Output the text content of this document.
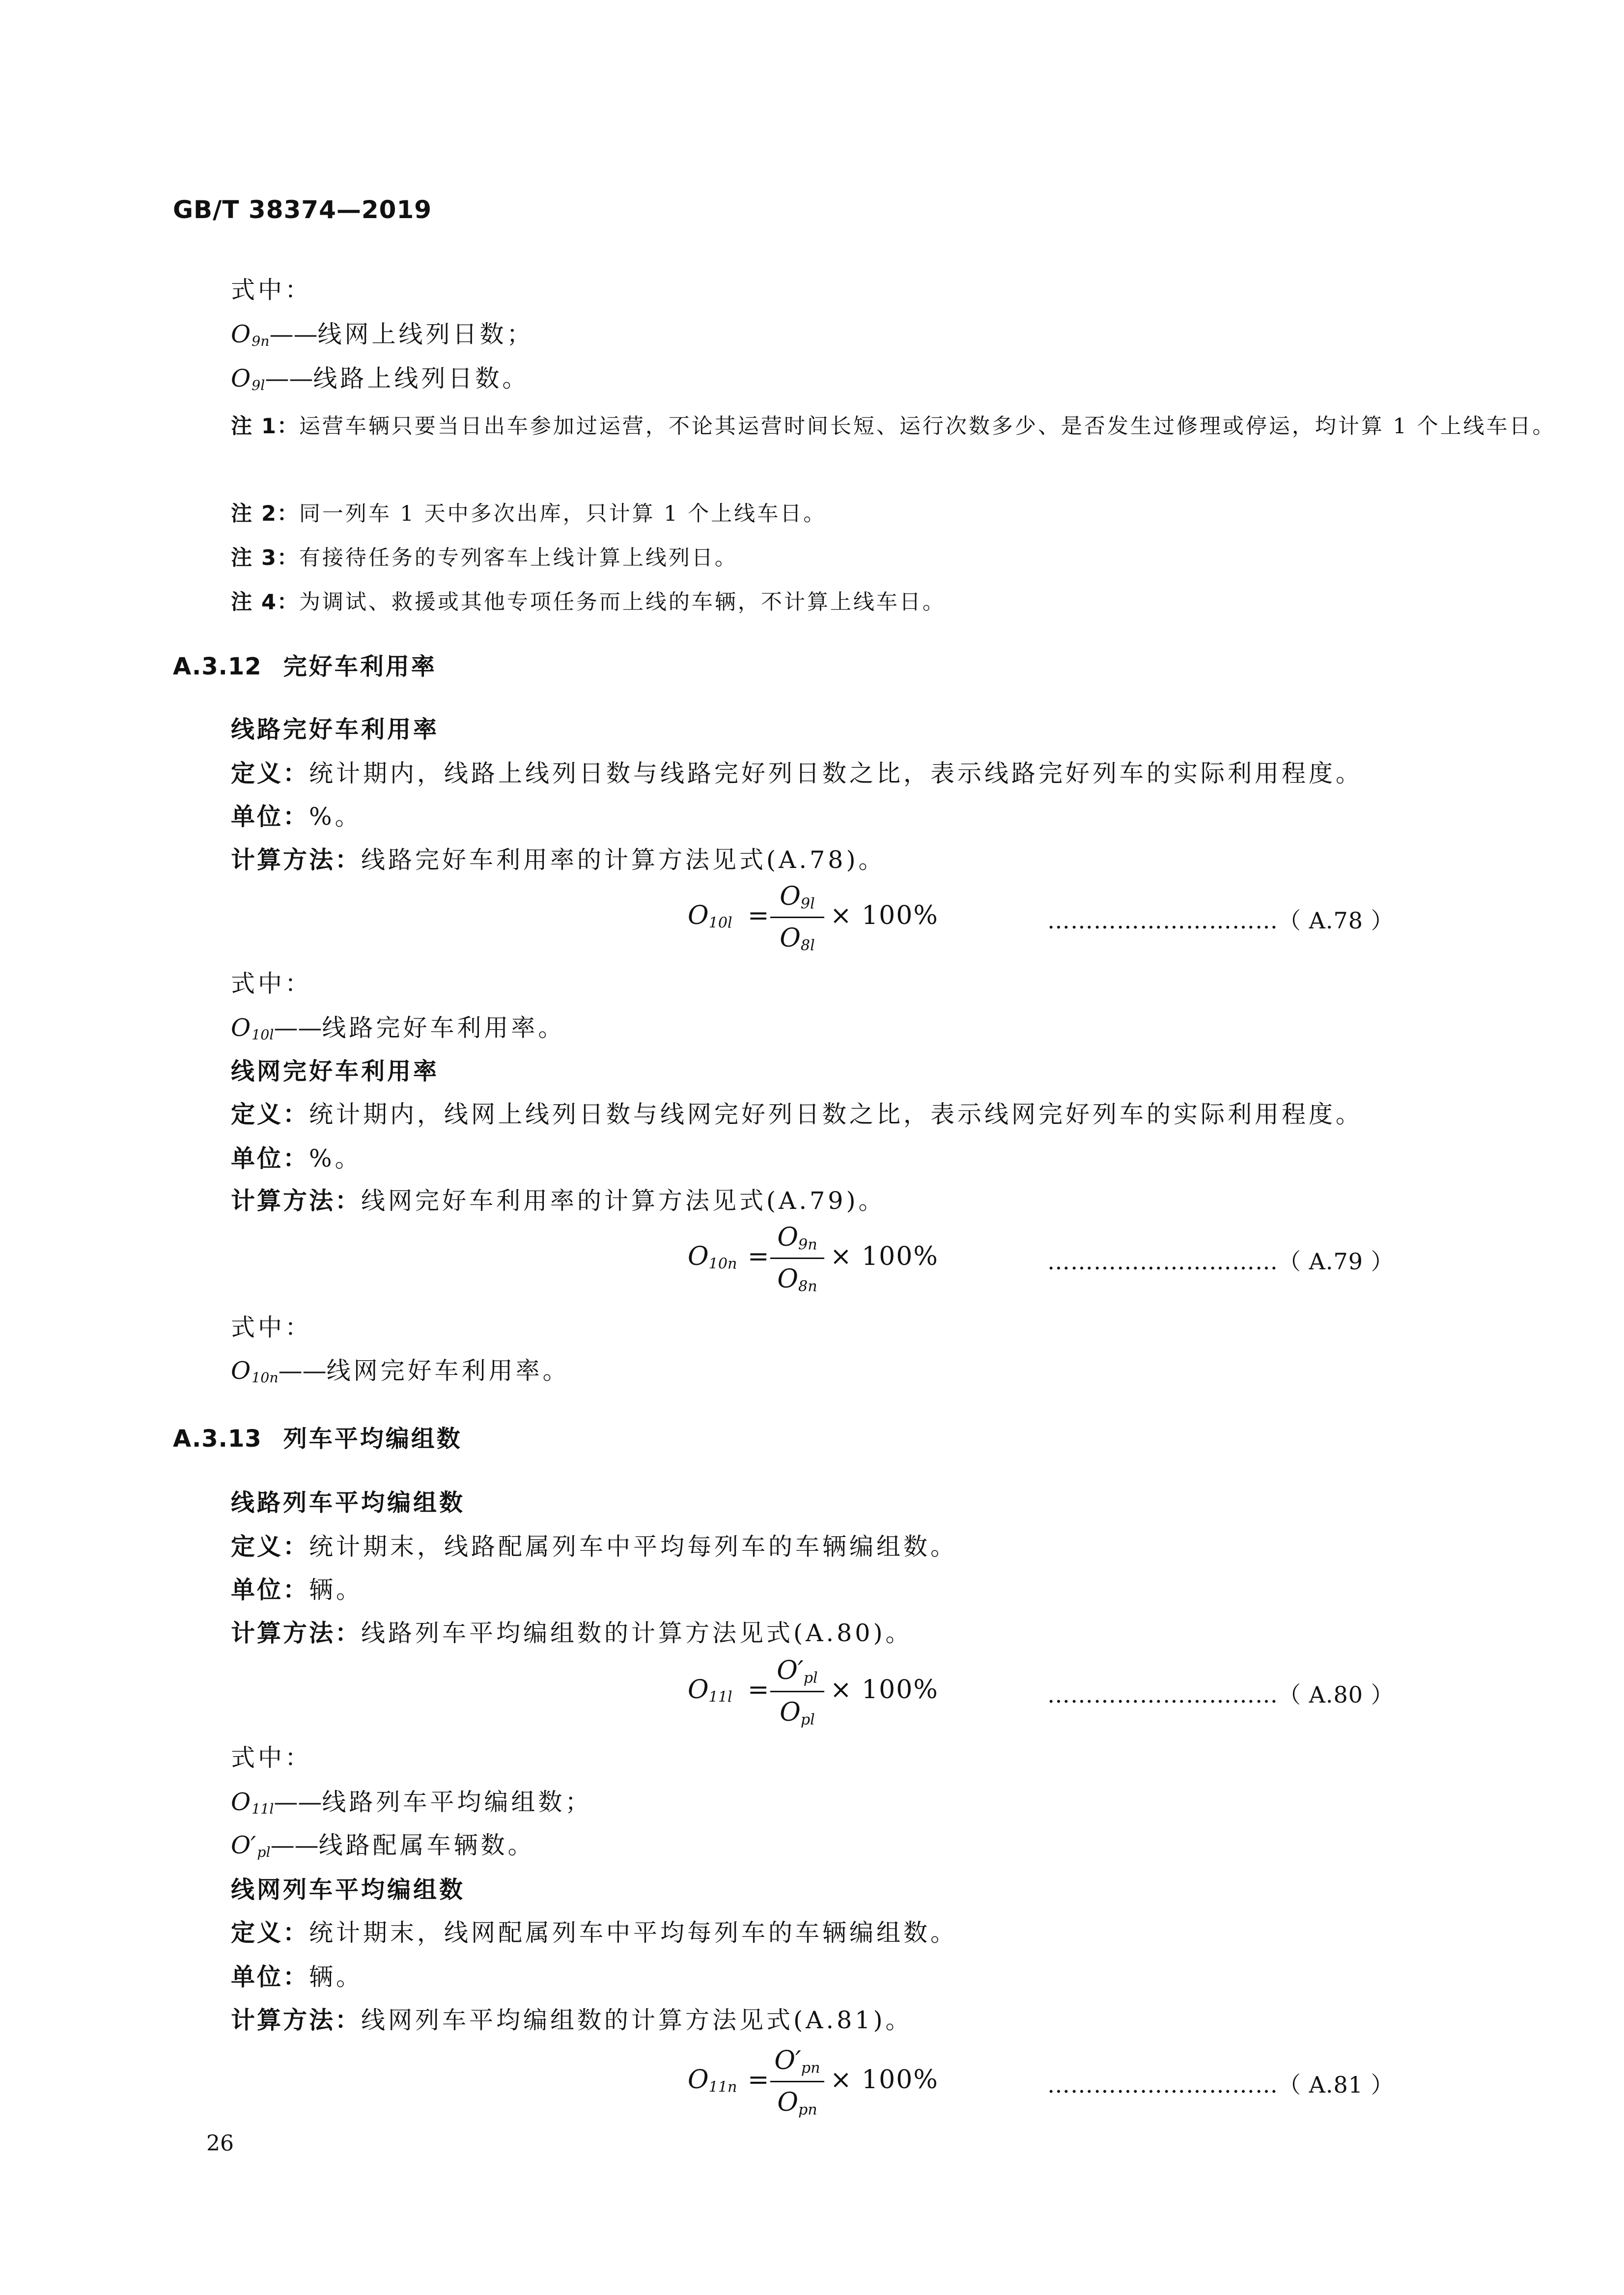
GB/T 38374—2019
式中：
$O_{9n}——$线网上线列日数；
$O_{9l}——$线路上线列日数。
注 1：运营车辆只要当日出车参加过运营，不论其运营时间长短、运行次数多少、是否发生过修理或停运，均计算 1 个上线车日。
注 2：同一列车 1 天中多次出库，只计算 1 个上线车日。
注 3：有接待任务的专列客车上线计算上线列日。
注 4：为调试、救援或其他专项任务而上线的车辆，不计算上线车日。
A.3.12 完好车利用率
线路完好车利用率
定义：统计期内，线路上线列日数与线路完好列日数之比，表示线路完好列车的实际利用程度。
单位：%。
计算方法：线路完好车利用率的计算方法见式(A.78)。
$O_{10l}$ =
$O_{9l}$
$O_{8l}$
× 100%	…………………………（ A.78 ）
式中：
$O_{10l}——$线路完好车利用率。
线网完好车利用率
定义：统计期内，线网上线列日数与线网完好列日数之比，表示线网完好列车的实际利用程度。
单位：%。
计算方法：线网完好车利用率的计算方法见式(A.79)。
$O_{10n}$ =
$O_{9n}$
$O_{8n}$
× 100%	…………………………（ A.79 ）
式中：
$O_{10n}——$线网完好车利用率。
A.3.13 列车平均编组数
线路列车平均编组数
定义：统计期末，线路配属列车中平均每列车的车辆编组数。
单位：辆。
计算方法：线路列车平均编组数的计算方法见式(A.80)。
$O_{11l}$ =
$O'_{pl}$
$O_{pl}$
× 100%	…………………………（ A.80 ）
式中：
$O_{11l}——$线路列车平均编组数；
$O'_{pl}——$线路配属车辆数。
线网列车平均编组数
定义：统计期末，线网配属列车中平均每列车的车辆编组数。
单位：辆。
计算方法：线网列车平均编组数的计算方法见式(A.81)。
$O_{11n}$ =
$O'_{pn}$
$O_{pn}$
× 100%	…………………………（ A.81 ）
26
